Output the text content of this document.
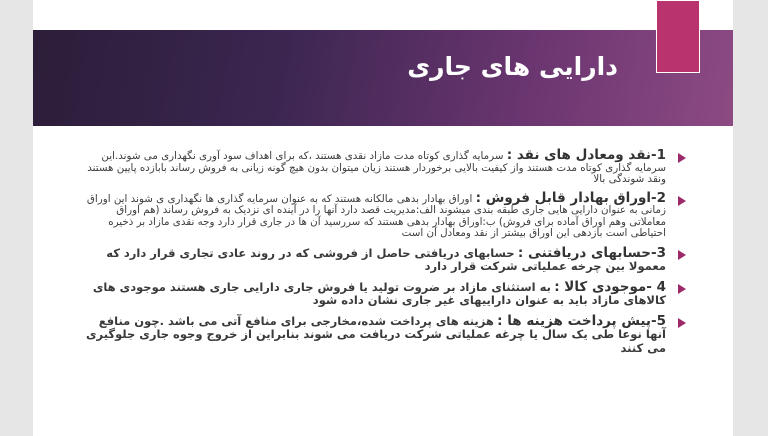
دارایی های جاری
1-نقد ومعادل های نقد : سرمایه گذاری کوتاه مدت مازاد نقدی هستند ،که برای اهداف سود آوری نگهداری می شوند.این سرمایه گذاری کوتاه مدت هستند واز کیفیت بالایی برخوردار هستند زیان میتوان بدون هیچ گونه زیانی به فروش رساند بابازده پایین هستند ونقد شوندگی بالا
2-اوراق بهادار قابل فروش : اوراق بهادار بدهی مالکانه هستند که به عنوان سرمایه گذاری ها نگهداری ی شوند این اوراق زمانی به عنوان دارایی هایی جاری طبقه بندی میشوند الف:مدیریت قصد دارد آنها را در آینده ای نزدیک به فروش رساند (هم اوراق معاملاتی وهم اوراق آماده برای فروش) ب:اوراق بهادار بدهی هستند که سررسید آن ها در جاری قرار دارد وجه نقدی مازاد بر ذخیره احتیاطی است بازدهی این اوراق بیشتر از نقد ومعادل آن است
3-حسابهای دریافتنی : حسابهای دریافتی حاصل از فروشی که در روند عادی تجاری قرار دارد که معمولا بین چرخه عملیاتی شرکت قرار دارد
4 -موجودی کالا : به استثنای مازاد بر ضروت تولید یا فروش جاری دارایی جاری هستند موجودی های کالاهای مازاد باید به عنوان داراییهای غیر جاری نشان داده شود
5-پیش پرداخت هزینه ها : هزینه های پرداخت شده،مخارجی برای منافع آتی می باشد .چون منافع آنها نوعا طی یک سال یا چرغه عملیاتی شرکت دریافت می شوند بنابراین از خروج وجوه جاری جلوگیری می کنند
